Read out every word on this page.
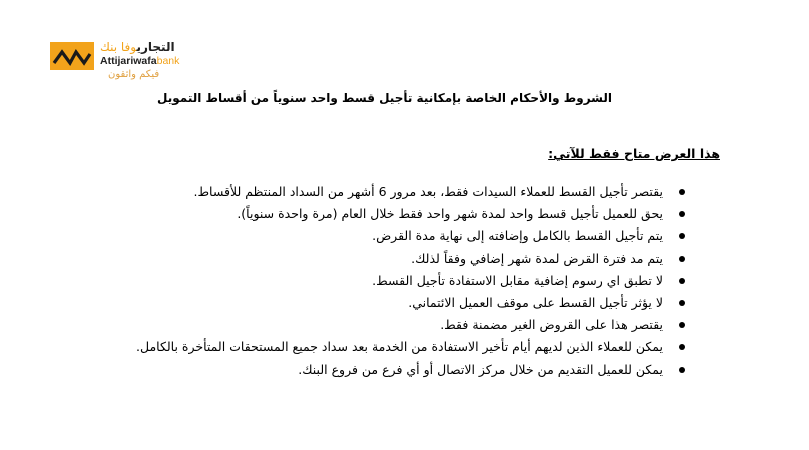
التجاريوفا بنك
Attijariwafabank
فيكم واثقون
الشروط والأحكام الخاصة بإمكانية تأجيل قسط واحد سنوياً من أقساط التمويل
هذا العرض متاح فقط للآتي:
يقتصر تأجيل القسط للعملاء السيدات فقط، بعد مرور 6 أشهر من السداد المنتظم للأقساط.
يحق للعميل تأجيل قسط واحد لمدة شهر واحد فقط خلال العام (مرة واحدة سنوياً).
يتم تأجيل القسط بالكامل وإضافته إلى نهاية مدة القرض.
يتم مد فترة القرض لمدة شهر إضافي وفقاً لذلك.
لا تطبق اي رسوم إضافية مقابل الاستفادة تأجيل القسط.
لا يؤثر تأجيل القسط على موقف العميل الائتماني.
يقتصر هذا على القروض الغير مضمنة فقط.
يمكن للعملاء الذين لديهم أيام تأخير الاستفادة من الخدمة بعد سداد جميع المستحقات المتأخرة بالكامل.
يمكن للعميل التقديم من خلال مركز الاتصال أو أي فرع من فروع البنك.
